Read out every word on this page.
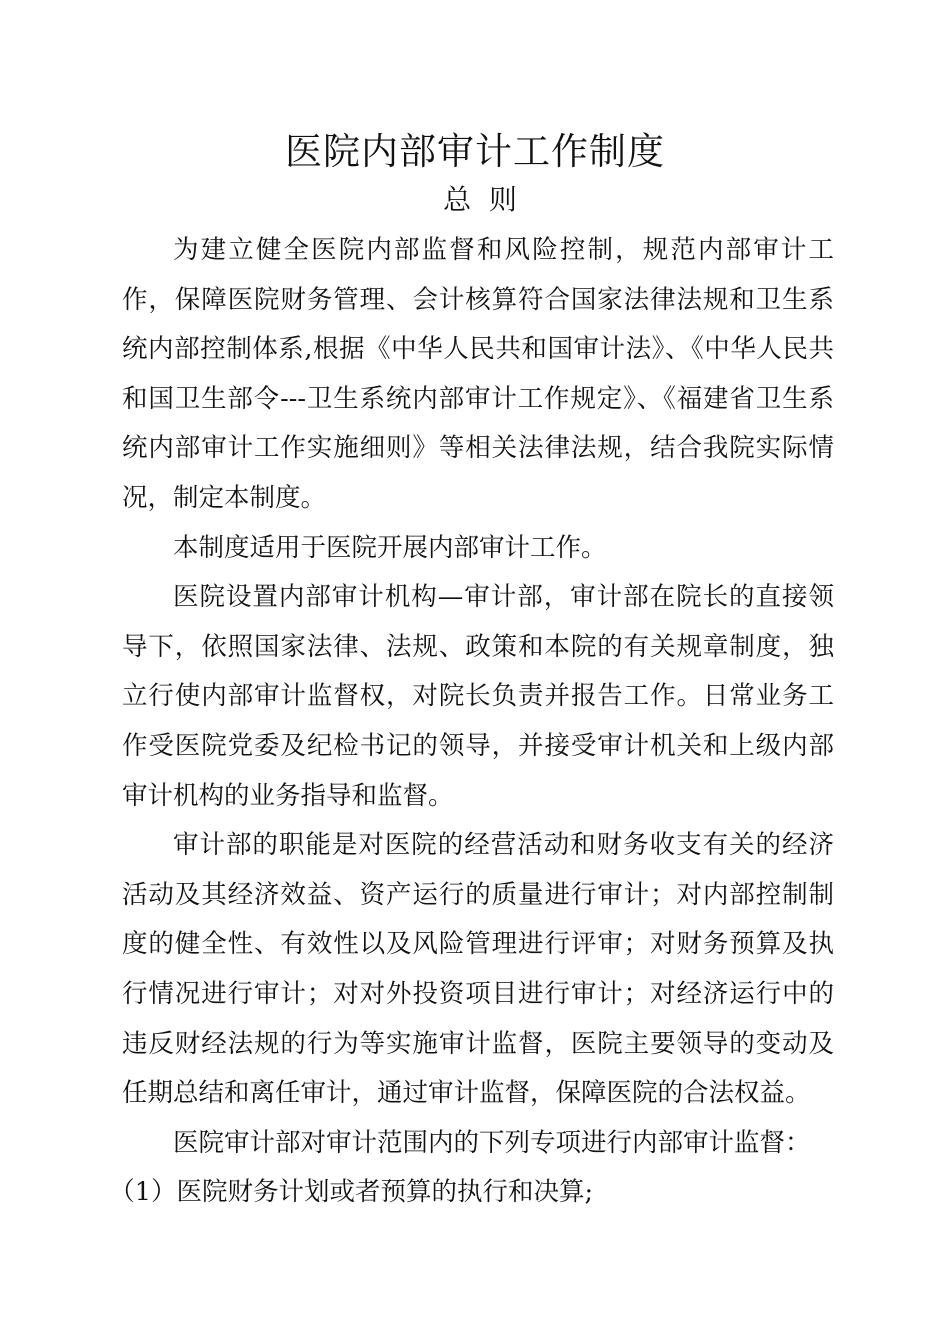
医院内部审计工作制度
总  则

为建立健全医院内部监督和风险控制，规范内部审计工作，保障医院财务管理、会计核算符合国家法律法规和卫生系统内部控制体系,根据《中华人民共和国审计法》、《中华人民共和国卫生部令---卫生系统内部审计工作规定》、《福建省卫生系统内部审计工作实施细则》等相关法律法规，结合我院实际情况，制定本制度。

本制度适用于医院开展内部审计工作。

医院设置内部审计机构—审计部，审计部在院长的直接领导下，依照国家法律、法规、政策和本院的有关规章制度，独立行使内部审计监督权，对院长负责并报告工作。日常业务工作受医院党委及纪检书记的领导，并接受审计机关和上级内部审计机构的业务指导和监督。

审计部的职能是对医院的经营活动和财务收支有关的经济活动及其经济效益、资产运行的质量进行审计；对内部控制制度的健全性、有效性以及风险管理进行评审；对财务预算及执行情况进行审计；对对外投资项目进行审计；对经济运行中的违反财经法规的行为等实施审计监督，医院主要领导的变动及任期总结和离任审计，通过审计监督，保障医院的合法权益。

医院审计部对审计范围内的下列专项进行内部审计监督：

（1）医院财务计划或者预算的执行和决算;
